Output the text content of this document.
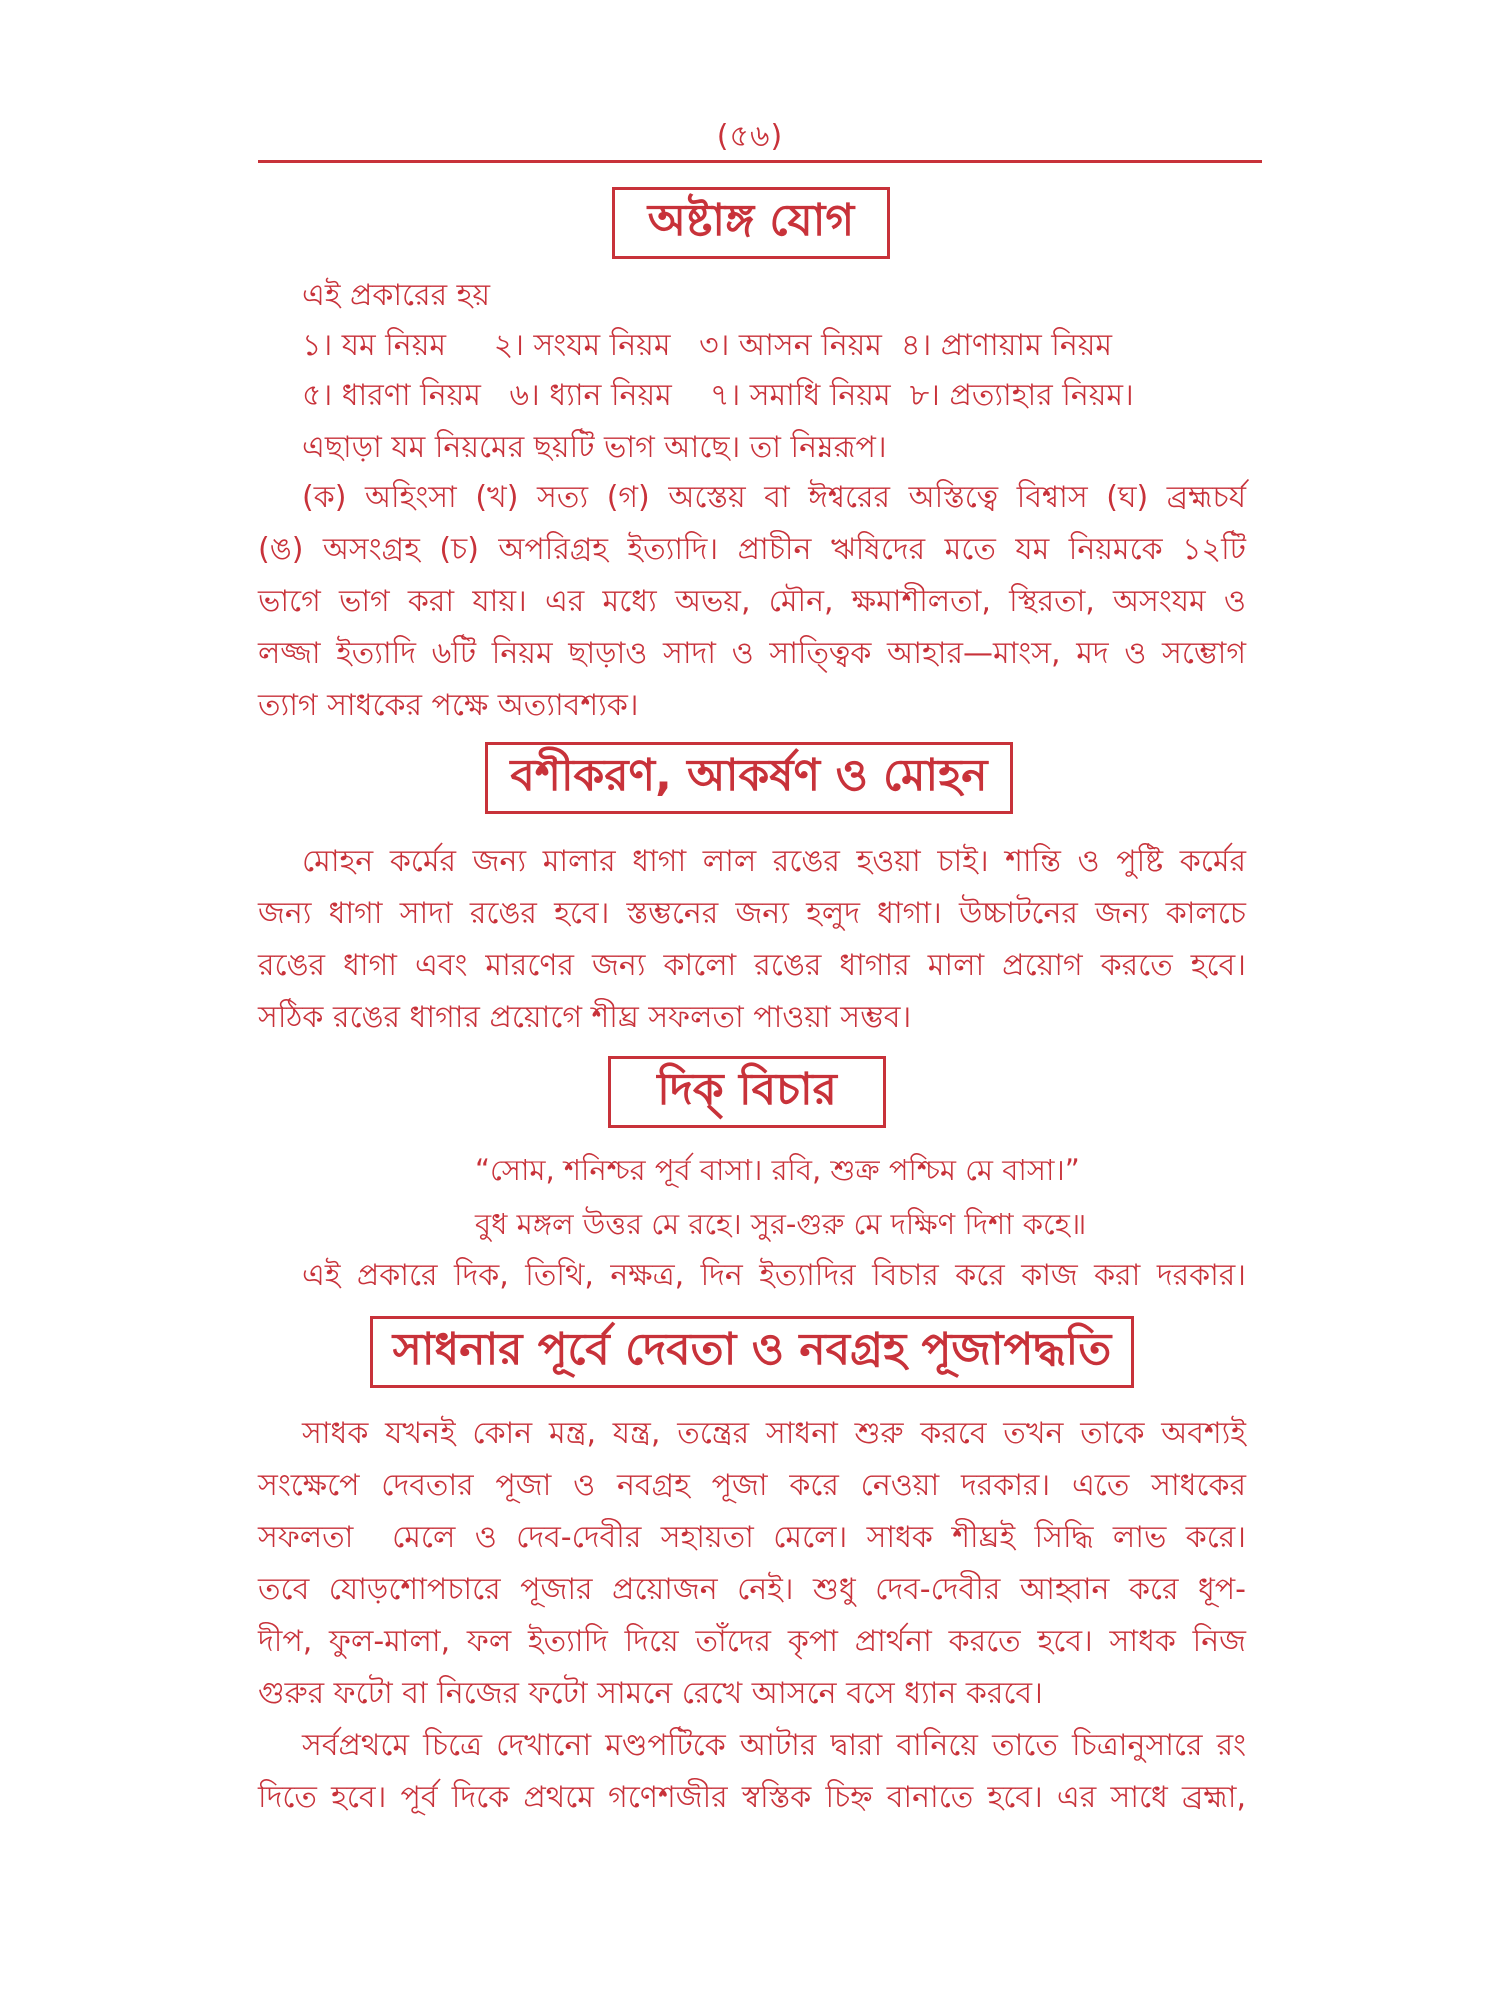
(৫৬)
অষ্টাঙ্গ যোগ
এই প্রকারের হয়
১। যম নিয়ম     ২। সংযম নিয়ম   ৩। আসন নিয়ম  ৪। প্রাণায়াম নিয়ম
৫। ধারণা নিয়ম   ৬। ধ্যান নিয়ম    ৭। সমাধি নিয়ম  ৮। প্রত্যাহার নিয়ম।
এছাড়া যম নিয়মের ছয়টি ভাগ আছে। তা নিম্নরূপ।
(ক) অহিংসা (খ) সত্য (গ) অস্তেয় বা ঈশ্বরের অস্তিত্বে বিশ্বাস (ঘ) ব্রহ্মচর্য
(ঙ) অসংগ্রহ (চ) অপরিগ্রহ ইত্যাদি। প্রাচীন ঋষিদের মতে যম নিয়মকে ১২টি
ভাগে ভাগ করা যায়। এর মধ্যে অভয়, মৌন, ক্ষমাশীলতা, স্থিরতা, অসংযম ও
লজ্জা ইত্যাদি ৬টি নিয়ম ছাড়াও সাদা ও সাত্ত্বিক আহার—মাংস, মদ ও সম্ভোগ
ত্যাগ সাধকের পক্ষে অত্যাবশ্যক।
বশীকরণ, আকর্ষণ ও মোহন
মোহন কর্মের জন্য মালার ধাগা লাল রঙের হওয়া চাই। শান্তি ও পুষ্টি কর্মের
জন্য ধাগা সাদা রঙের হবে। স্তম্ভনের জন্য হলুদ ধাগা। উচ্চাটনের জন্য কালচে
রঙের ধাগা এবং মারণের জন্য কালো রঙের ধাগার মালা প্রয়োগ করতে হবে।
সঠিক রঙের ধাগার প্রয়োগে শীঘ্র সফলতা পাওয়া সম্ভব।
দিক্ বিচার
“সোম, শনিশ্চর পূর্ব বাসা। রবি, শুক্র পশ্চিম মে বাসা।”
বুধ মঙ্গল উত্তর মে রহে। সুর-গুরু মে দক্ষিণ দিশা কহে॥
এই প্রকারে দিক, তিথি, নক্ষত্র, দিন ইত্যাদির বিচার করে কাজ করা দরকার।
সাধনার পূর্বে দেবতা ও নবগ্রহ পূজাপদ্ধতি
সাধক যখনই কোন মন্ত্র, যন্ত্র, তন্ত্রের সাধনা শুরু করবে তখন তাকে অবশ্যই
সংক্ষেপে দেবতার পূজা ও নবগ্রহ পূজা করে নেওয়া দরকার। এতে সাধকের
সফলতা  মেলে ও দেব-দেবীর সহায়তা মেলে। সাধক শীঘ্রই সিদ্ধি লাভ করে।
তবে যোড়শোপচারে পূজার প্রয়োজন নেই। শুধু দেব-দেবীর আহ্বান করে ধূপ-
দীপ, ফুল-মালা, ফল ইত্যাদি দিয়ে তাঁদের কৃপা প্রার্থনা করতে হবে। সাধক নিজ
গুরুর ফটো বা নিজের ফটো সামনে রেখে আসনে বসে ধ্যান করবে।
সর্বপ্রথমে চিত্রে দেখানো মণ্ডপটিকে আটার দ্বারা বানিয়ে তাতে চিত্রানুসারে রং
দিতে হবে। পূর্ব দিকে প্রথমে গণেশজীর স্বস্তিক চিহ্ন বানাতে হবে। এর সাধে ব্রহ্মা,
